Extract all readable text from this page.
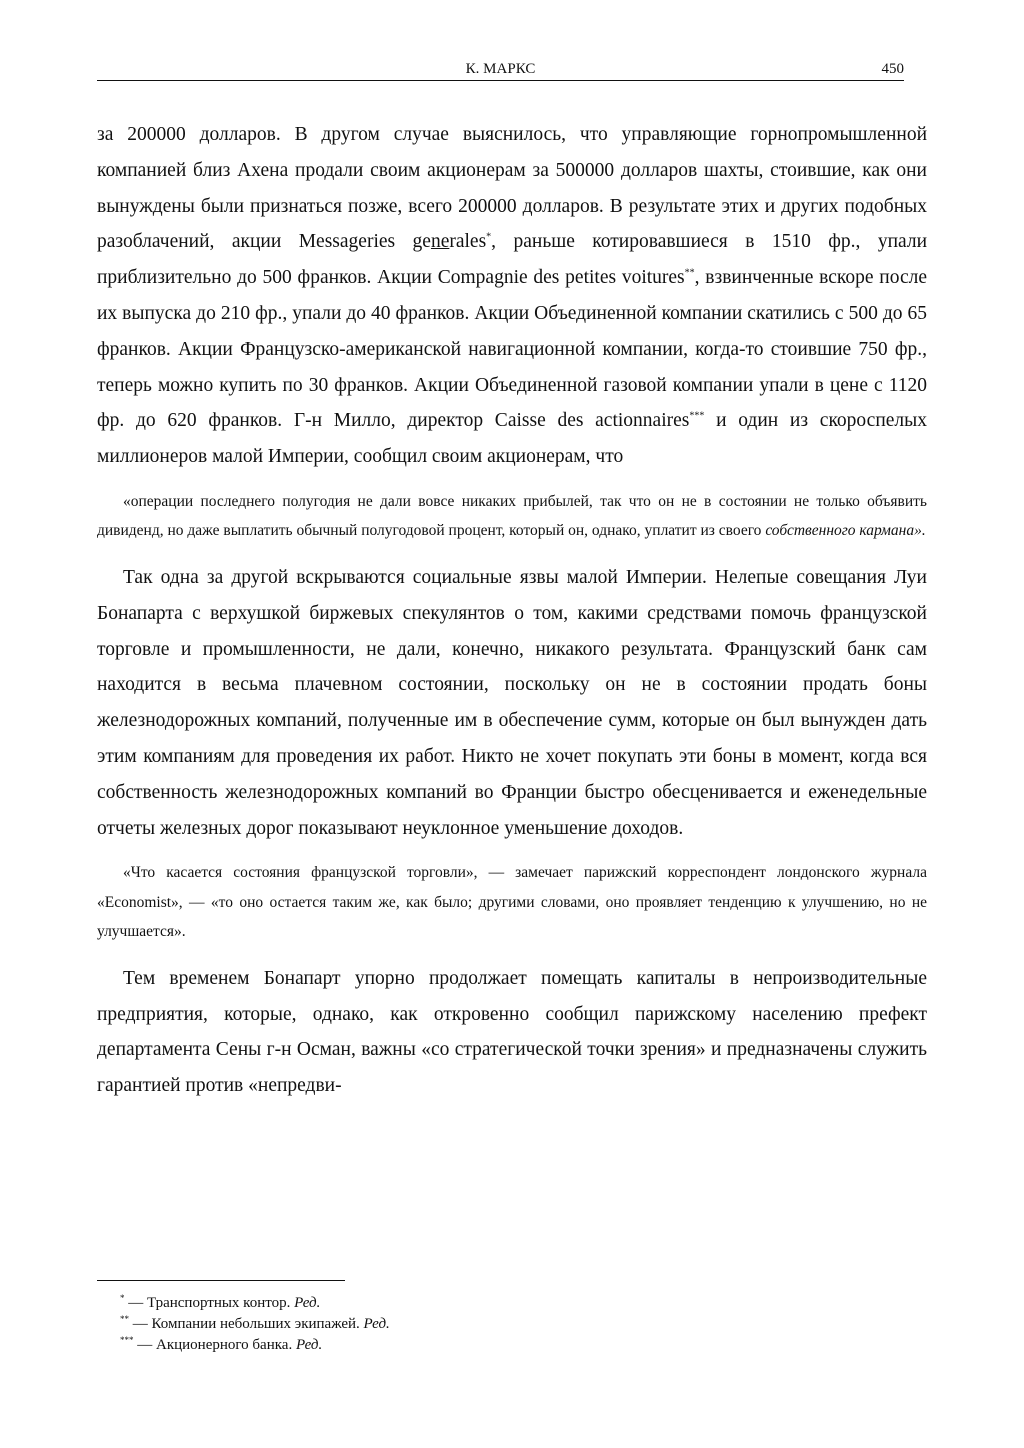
К. МАРКС	450

за 200000 долларов. В другом случае выяснилось, что управляющие горнопромышленной компанией близ Ахена продали своим акционерам за 500000 долларов шахты, стоившие, как они вынуждены были признаться позже, всего 200000 долларов. В результате этих и других подобных разоблачений, акции Messageries generales*, раньше котировавшиеся в 1510 фр., упали приблизительно до 500 франков. Акции Compagnie des petites voitures**, взвинченные вскоре после их выпуска до 210 фр., упали до 40 франков. Акции Объединенной компании скатились с 500 до 65 франков. Акции Французско-американской навигационной компании, когда-то стоившие 750 фр., теперь можно купить по 30 франков. Акции Объединенной газовой компании упали в цене с 1120 фр. до 620 франков. Г-н Милло, директор Caisse des actionnaires*** и один из скороспелых миллионеров малой Империи, сообщил своим акционерам, что

«операции последнего полугодия не дали вовсе никаких прибылей, так что он не в состоянии не только объявить дивиденд, но даже выплатить обычный полугодовой процент, который он, однако, уплатит из своего собственного кармана».

Так одна за другой вскрываются социальные язвы малой Империи. Нелепые совещания Луи Бонапарта с верхушкой биржевых спекулянтов о том, какими средствами помочь французской торговле и промышленности, не дали, конечно, никакого результата. Французский банк сам находится в весьма плачевном состоянии, поскольку он не в состоянии продать боны железнодорожных компаний, полученные им в обеспечение сумм, которые он был вынужден дать этим компаниям для проведения их работ. Никто не хочет покупать эти боны в момент, когда вся собственность железнодорожных компаний во Франции быстро обесценивается и еженедельные отчеты железных дорог показывают неуклонное уменьшение доходов.

«Что касается состояния французской торговли», — замечает парижский корреспондент лондонского журнала «Economist», — «то оно остается таким же, как было; другими словами, оно проявляет тенденцию к улучшению, но не улучшается».

Тем временем Бонапарт упорно продолжает помещать капиталы в непроизводительные предприятия, которые, однако, как откровенно сообщил парижскому населению префект департамента Сены г-н Осман, важны «со стратегической точки зрения» и предназначены служить гарантией против «непредви-

* — Транспортных контор. Ред.
** — Компании небольших экипажей. Ред.
*** — Акционерного банка. Ред.
